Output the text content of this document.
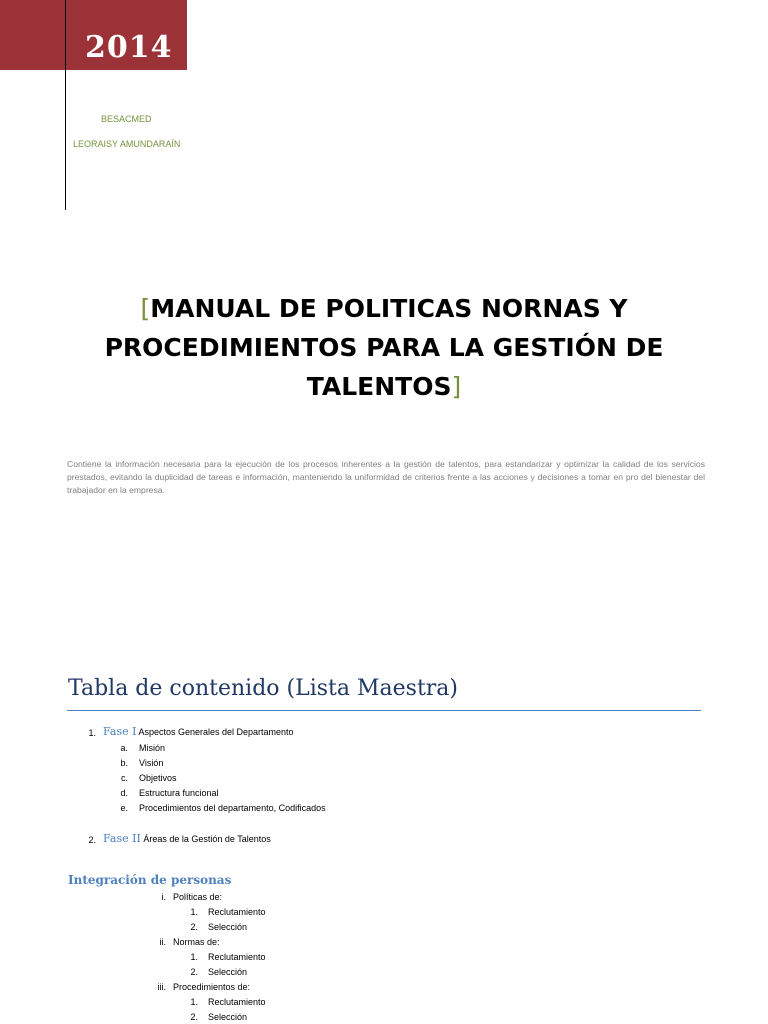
2014
BESACMED
LEORAISY AMUNDARAÍN
[MANUAL DE POLITICAS NORNAS Y PROCEDIMIENTOS PARA LA GESTIÓN DE TALENTOS]
Contiene la información necesaria para la ejecución de los procesos inherentes a la gestión de talentos, para estandarizar y optimizar la calidad de los servicios prestados, evitando la duplicidad de tareas e información, manteniendo la uniformidad de criterios frente a las acciones y decisiones a tomar en pro del bienestar del trabajador en la empresa.
Tabla de contenido (Lista Maestra)
1. Fase I Aspectos Generales del Departamento
a. Misión
b. Visión
c. Objetivos
d. Estructura funcional
e. Procedimientos del departamento, Codificados
2. Fase II Áreas de la Gestión de Talentos
Integración de personas
i. Políticas de:
1. Reclutamiento
2. Selección
ii. Normas de:
1. Reclutamiento
2. Selección
iii. Procedimientos de:
1. Reclutamiento
2. Selección
